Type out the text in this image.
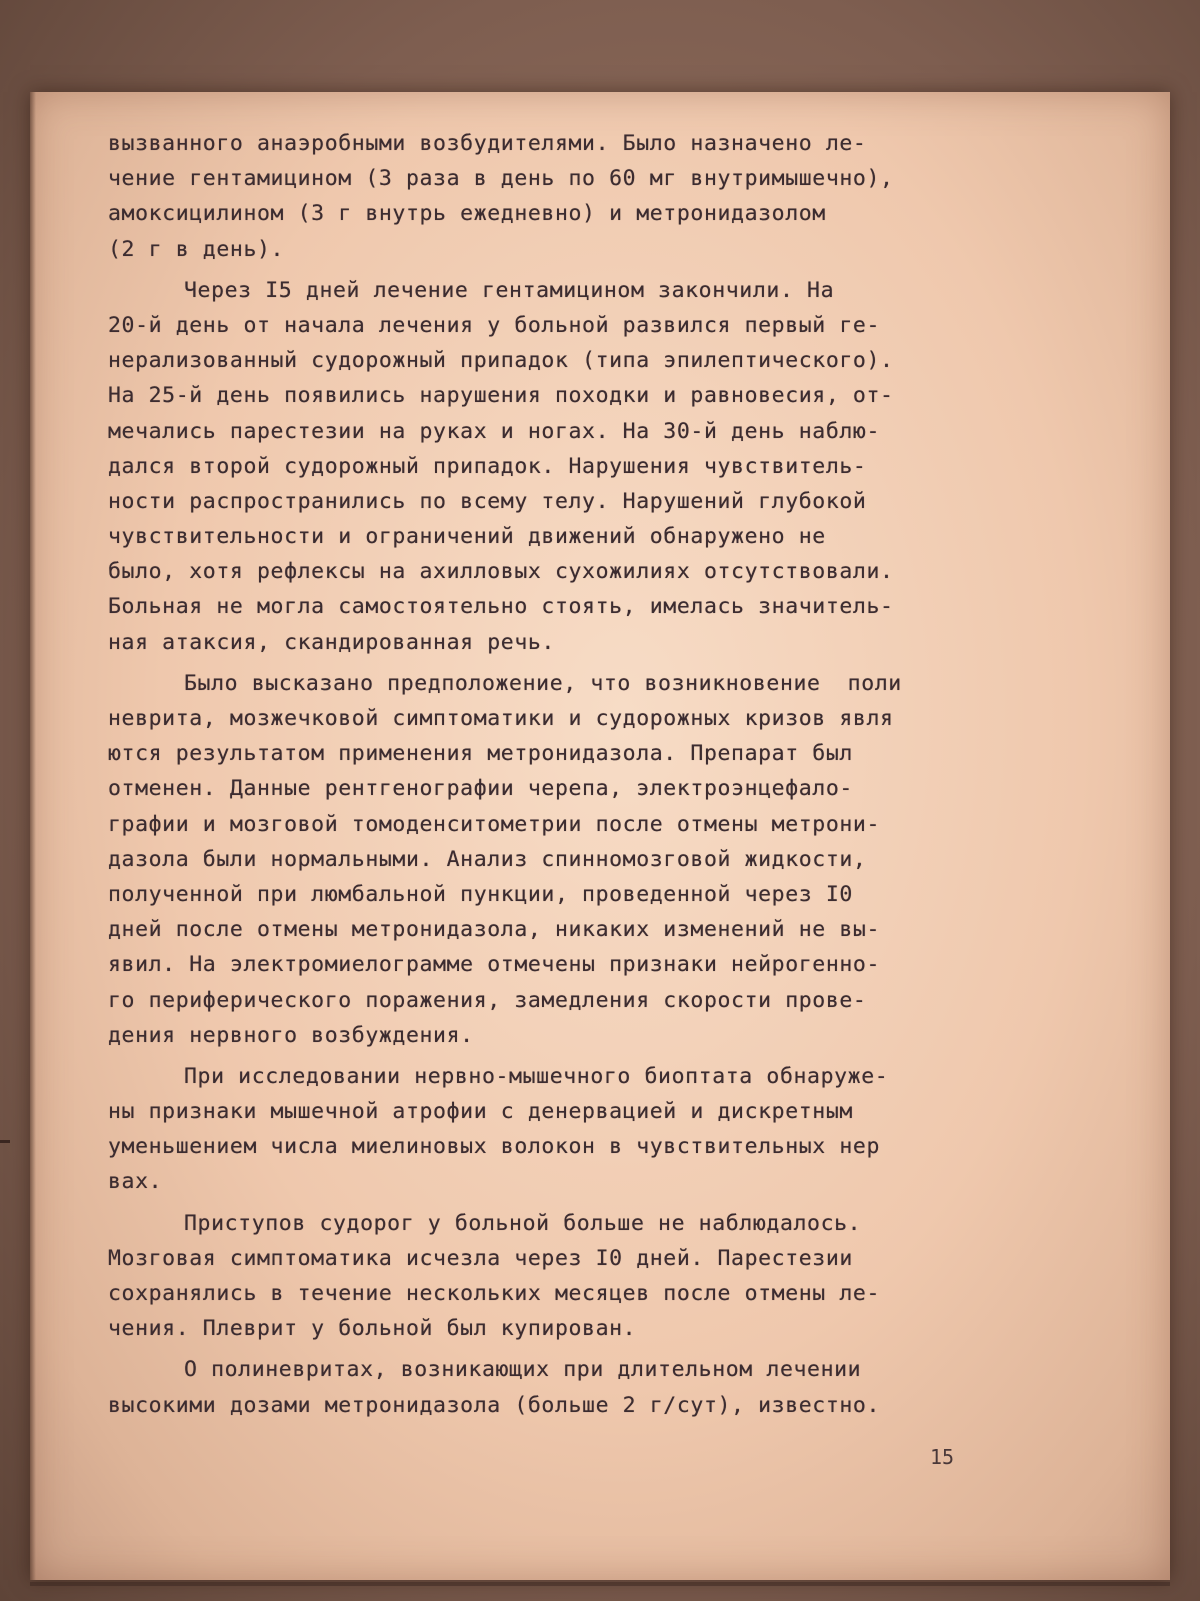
вызванного анаэробными возбудителями. Было назначено ле-
чение гентамицином (3 раза в день по 60 мг внутримышечно),
амоксицилином (3 г внутрь ежедневно) и метронидазолом
(2 г в день).
Через I5 дней лечение гентамицином закончили. На
20-й день от начала лечения у больной развился первый ге-
нерализованный судорожный припадок (типа эпилептического).
На 25-й день появились нарушения походки и равновесия, от-
мечались парестезии на руках и ногах. На 30-й день наблю-
дался второй судорожный припадок. Нарушения чувствитель-
ности распространились по всему телу. Нарушений глубокой
чувствительности и ограничений движений обнаружено не
было, хотя рефлексы на ахилловых сухожилиях отсутствовали.
Больная не могла самостоятельно стоять, имелась значитель-
ная атаксия, скандированная речь.
Было высказано предположение, что возникновение  поли
неврита, мозжечковой симптоматики и судорожных кризов явля
ются результатом применения метронидазола. Препарат был
отменен. Данные рентгенографии черепа, электроэнцефало-
графии и мозговой томоденситометрии после отмены метрони-
дазола были нормальными. Анализ спинномозговой жидкости,
полученной при люмбальной пункции, проведенной через I0
дней после отмены метронидазола, никаких изменений не вы-
явил. На электромиелограмме отмечены признаки нейрогенно-
го периферического поражения, замедления скорости прове-
дения нервного возбуждения.
При исследовании нервно-мышечного биоптата обнаруже-
ны признаки мышечной атрофии с денервацией и дискретным
уменьшением числа миелиновых волокон в чувствительных нер
вах.
Приступов судорог у больной больше не наблюдалось.
Мозговая симптоматика исчезла через I0 дней. Парестезии
сохранялись в течение нескольких месяцев после отмены ле-
чения. Плеврит у больной был купирован.
О полиневритах, возникающих при длительном лечении
высокими дозами метронидазола (больше 2 г/сут), известно.
15
